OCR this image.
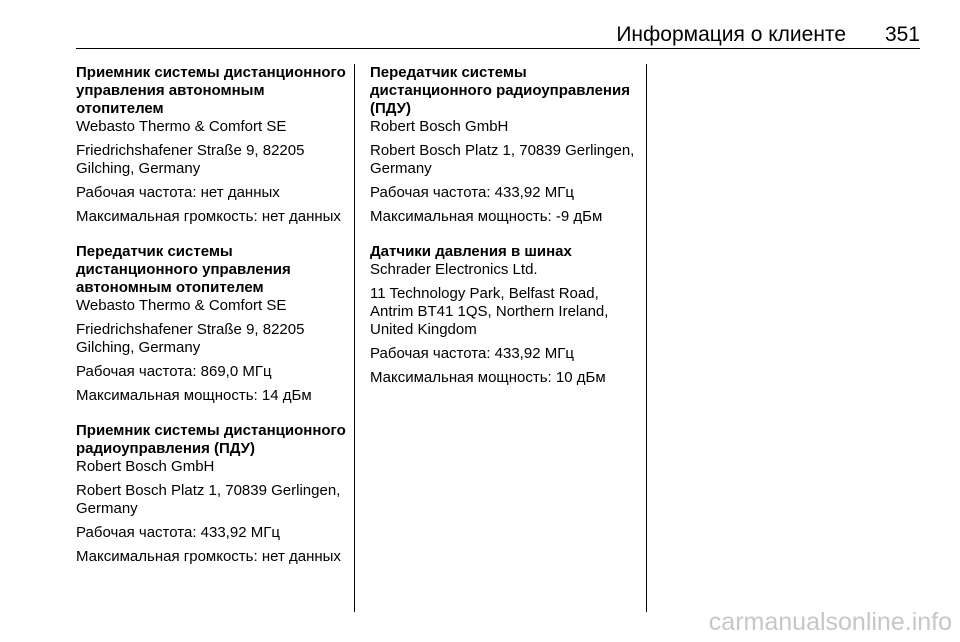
Информация о клиенте 351

Приемник системы дистанционного управления автономным отопителем

Webasto Thermo & Comfort SE

Friedrichshafener Straße 9, 82205 Gilching, Germany

Рабочая частота: нет данных

Максимальная громкость: нет данных

Передатчик системы дистанционного управления автономным отопителем

Webasto Thermo & Comfort SE

Friedrichshafener Straße 9, 82205 Gilching, Germany

Рабочая частота: 869,0 МГц

Максимальная мощность: 14 дБм

Приемник системы дистанционного радиоуправления (ПДУ)

Robert Bosch GmbH

Robert Bosch Platz 1, 70839 Gerlingen, Germany

Рабочая частота: 433,92 МГц

Максимальная громкость: нет данных

Передатчик системы дистанционного радиоуправления (ПДУ)

Robert Bosch GmbH

Robert Bosch Platz 1, 70839 Gerlingen, Germany

Рабочая частота: 433,92 МГц

Максимальная мощность: -9 дБм

Датчики давления в шинах

Schrader Electronics Ltd.

11 Technology Park, Belfast Road, Antrim BT41 1QS, Northern Ireland, United Kingdom

Рабочая частота: 433,92 МГц

Максимальная мощность: 10 дБм

carmanualsonline.info
